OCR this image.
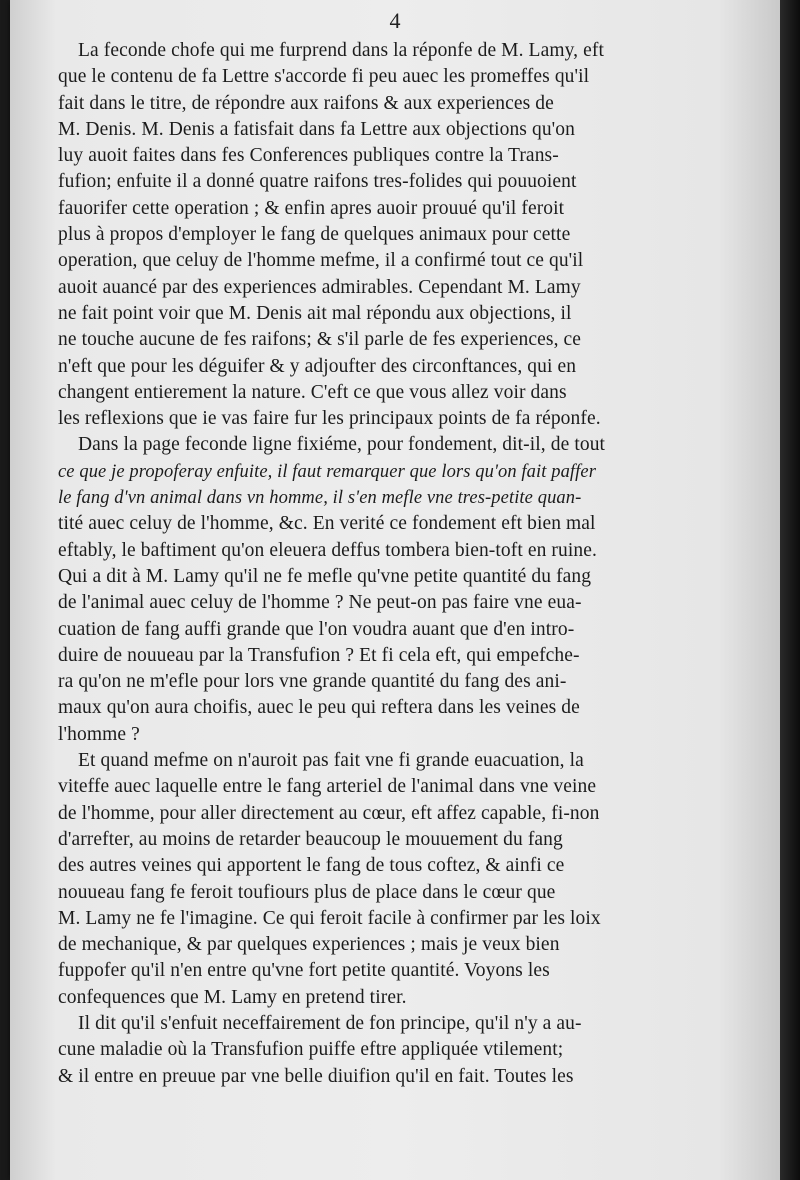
4
La feconde chofe qui me furprend dans la réponfe de M. Lamy, eft
que le contenu de fa Lettre s'accorde fi peu auec les promeffes qu'il
fait dans le titre, de répondre aux raifons & aux experiences de
M. Denis. M. Denis a fatisfait dans fa Lettre aux objections qu'on
luy auoit faites dans fes Conferences publiques contre la Trans-
fufion; enfuite il a donné quatre raifons tres-folides qui pouuoient
fauorifer cette operation ; & enfin apres auoir prouué qu'il feroit
plus à propos d'employer le fang de quelques animaux pour cette
operation, que celuy de l'homme mefme, il a confirmé tout ce qu'il
auoit auancé par des experiences admirables. Cependant M. Lamy
ne fait point voir que M. Denis ait mal répondu aux objections, il
ne touche aucune de fes raifons; & s'il parle de fes experiences, ce
n'eft que pour les déguifer & y adjoufter des circonftances, qui en
changent entierement la nature. C'eft ce que vous allez voir dans
les reflexions que ie vas faire fur les principaux points de fa réponfe.
Dans la page feconde ligne fixiéme, pour fondement, dit-il, de tout
ce que je propoferay enfuite, il faut remarquer que lors qu'on fait paffer
le fang d'vn animal dans vn homme, il s'en mefle vne tres-petite quan-
tité auec celuy de l'homme, &c. En verité ce fondement eft bien mal
eftably, le baftiment qu'on eleuera deffus tombera bien-toft en ruine.
Qui a dit à M. Lamy qu'il ne fe mefle qu'vne petite quantité du fang
de l'animal auec celuy de l'homme ? Ne peut-on pas faire vne eua-
cuation de fang auffi grande que l'on voudra auant que d'en intro-
duire de nouueau par la Transfufion ? Et fi cela eft, qui empefche-
ra qu'on ne m'efle pour lors vne grande quantité du fang des ani-
maux qu'on aura choifis, auec le peu qui reftera dans les veines de
l'homme ?
Et quand mefme on n'auroit pas fait vne fi grande euacuation, la
viteffe auec laquelle entre le fang arteriel de l'animal dans vne veine
de l'homme, pour aller directement au cœur, eft affez capable, fi-non
d'arrefter, au moins de retarder beaucoup le mouuement du fang
des autres veines qui apportent le fang de tous coftez, & ainfi ce
nouueau fang fe feroit toufiours plus de place dans le cœur que
M. Lamy ne fe l'imagine. Ce qui feroit facile à confirmer par les loix
de mechanique, & par quelques experiences ; mais je veux bien
fuppofer qu'il n'en entre qu'vne fort petite quantité. Voyons les
confequences que M. Lamy en pretend tirer.
Il dit qu'il s'enfuit neceffairement de fon principe, qu'il n'y a au-
cune maladie où la Transfufion puiffe eftre appliquée vtilement;
& il entre en preuue par vne belle diuifion qu'il en fait. Toutes les
